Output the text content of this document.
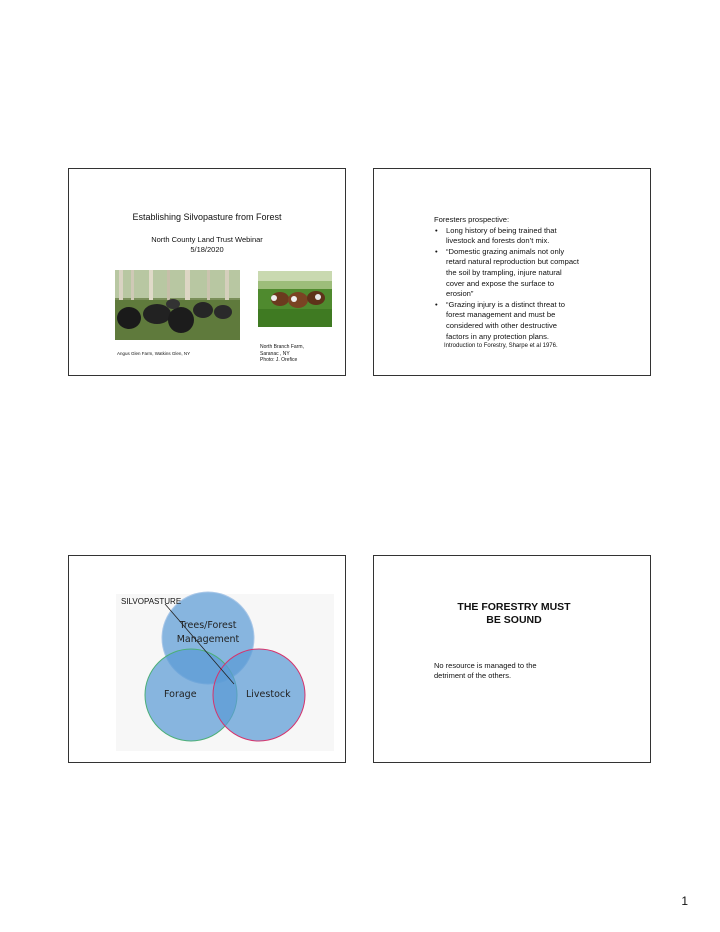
Establishing Silvopasture from Forest
North County Land Trust Webinar
5/18/2020
Angus Glen Farm, Watkins Glen, NY
North Branch Farm,
Saranac , NY
Photo: J. Orefice
Foresters prospective:
• Long history of being trained that
livestock and forests don’t mix.
• “Domestic grazing animals not only
retard natural reproduction but compact
the soil by trampling, injure natural
cover and expose the surface to
erosion”
• “Grazing injury is a distinct threat to
forest management and must be
considered with other destructive
factors in any protection plans.
Introduction to Forestry, Sharpe et al 1976.
SILVOPASTURE
Trees/Forest
Management
Forage	Livestock
THE FORESTRY MUST
BE SOUND
No resource is managed to the
detriment of the others.
1
